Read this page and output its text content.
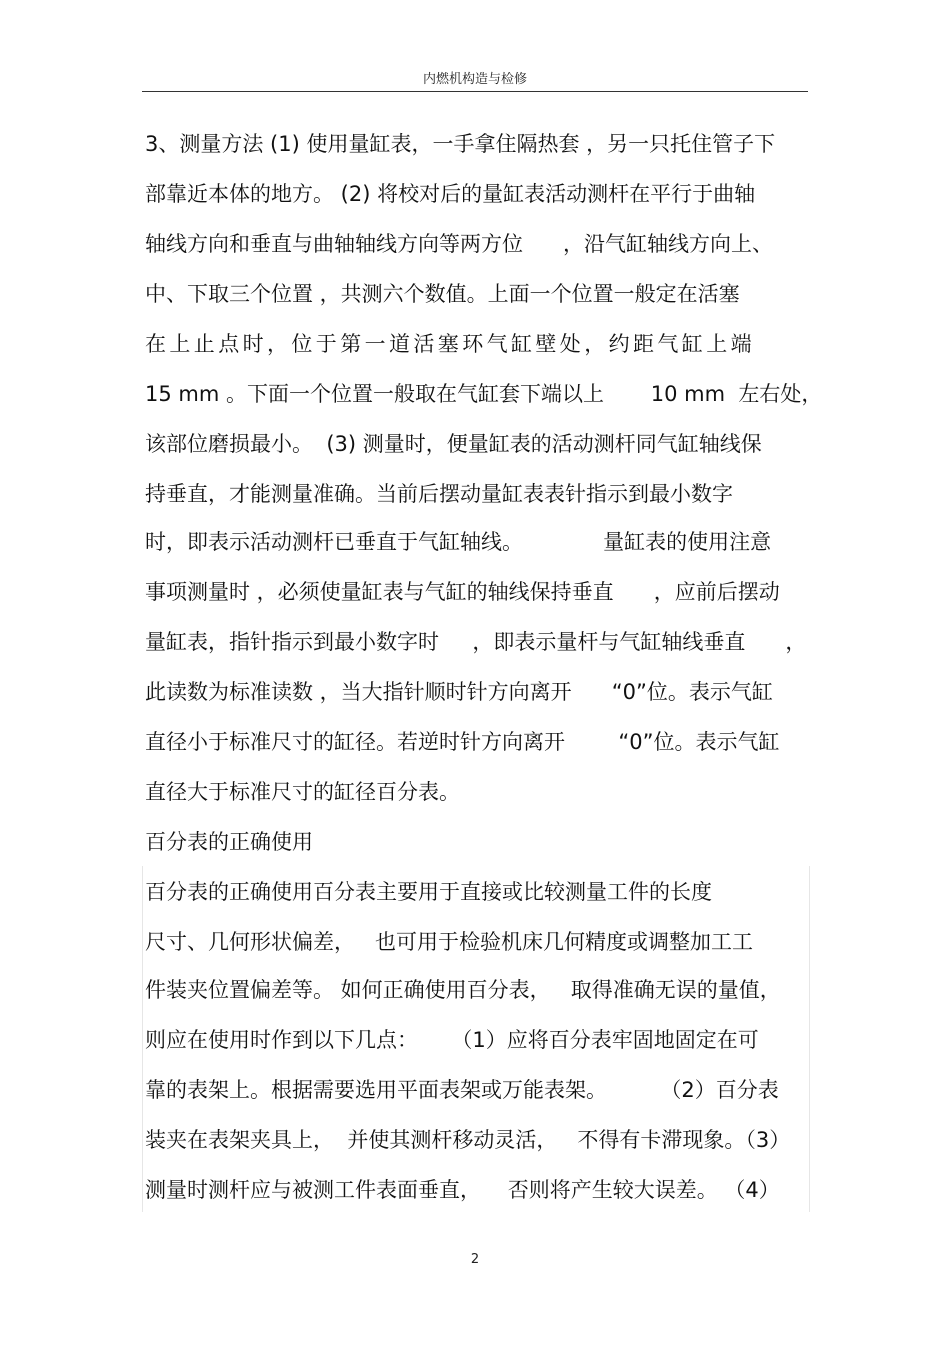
内燃机构造与检修
3、测量方法 (1) 使用量缸表，一手拿住隔热套 ，另一只托住管子下
部靠近本体的地方。 (2) 将校对后的量缸表活动测杆在平行于曲轴
轴线方向和垂直与曲轴轴线方向等两方位      ，沿气缸轴线方向上、
中、下取三个位置 ，共测六个数值。上面一个位置一般定在活塞
在上止点时，位于第一道活塞环气缸壁处，约距气缸上端
15 mm 。下面一个位置一般取在气缸套下端以上       10 mm  左右处，
该部位磨损最小。  (3) 测量时，便量缸表的活动测杆同气缸轴线保
持垂直，才能测量准确。当前后摆动量缸表表针指示到最小数字
时，即表示活动测杆已垂直于气缸轴线。            量缸表的使用注意
事项测量时 ，必须使量缸表与气缸的轴线保持垂直      ，应前后摆动
量缸表，指针指示到最小数字时     ，即表示量杆与气缸轴线垂直      ，
此读数为标准读数 ，当大指针顺时针方向离开      “0”位。表示气缸
直径小于标准尺寸的缸径。若逆时针方向离开        “0”位。表示气缸
直径大于标准尺寸的缸径百分表。
百分表的正确使用
百分表的正确使用百分表主要用于直接或比较测量工件的长度
尺寸、几何形状偏差，   也可用于检验机床几何精度或调整加工工
件装夹位置偏差等。 如何正确使用百分表，   取得准确无误的量值，
则应在使用时作到以下几点：     （1）应将百分表牢固地固定在可
靠的表架上。根据需要选用平面表架或万能表架。        （2）百分表
装夹在表架夹具上，  并使其测杆移动灵活，   不得有卡滞现象。（3）
测量时测杆应与被测工件表面垂直，    否则将产生较大误差。 （4）
2
